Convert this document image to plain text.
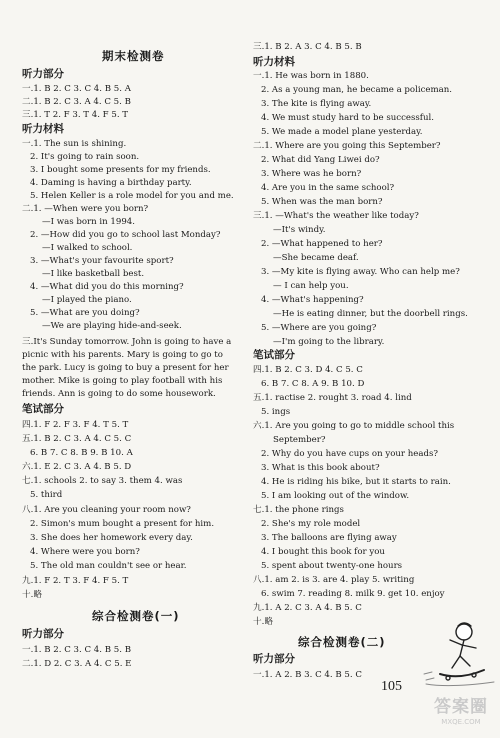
期末检测卷
听力部分
一.1. B 2. C 3. C 4. B 5. A
二.1. B 2. C 3. A 4. C 5. B
三.1. T 2. F 3. T 4. F 5. T
听力材料
一.1. The sun is shining.
2. It's going to rain soon.
3. I bought some presents for my friends.
4. Daming is having a birthday party.
5. Helen Keller is a role model for you and me.
二.1. —When were you born?
—I was born in 1994.
2. —How did you go to school last Monday?
—I walked to school.
3. —What's your favourite sport?
—I like basketball best.
4. —What did you do this morning?
—I played the piano.
5. —What are you doing?
—We are playing hide-and-seek.
三.It's Sunday tomorrow. John is going to have a
picnic with his parents. Mary is going to go to
the park. Lucy is going to buy a present for her
mother. Mike is going to play football with his
friends. Ann is going to do some housework.
笔试部分
四.1. F 2. F 3. F 4. T 5. T
五.1. B 2. C 3. A 4. C 5. C
6. B 7. C 8. B 9. B 10. A
六.1. E 2. C 3. A 4. B 5. D
七.1. schools 2. to say 3. them 4. was
5. third
八.1. Are you cleaning your room now?
2. Simon's mum bought a present for him.
3. She does her homework every day.
4. Where were you born?
5. The old man couldn't see or hear.
九.1. F 2. T 3. F 4. F 5. T
十.略
综合检测卷(一)
听力部分
一.1. B 2. C 3. C 4. B 5. B
二.1. D 2. C 3. A 4. C 5. E
三.1. B 2. A 3. C 4. B 5. B
听力材料
一.1. He was born in 1880.
2. As a young man, he became a policeman.
3. The kite is flying away.
4. We must study hard to be successful.
5. We made a model plane yesterday.
二.1. Where are you going this September?
2. What did Yang Liwei do?
3. Where was he born?
4. Are you in the same school?
5. When was the man born?
三.1. —What's the weather like today?
—It's windy.
2. —What happened to her?
—She became deaf.
3. —My kite is flying away. Who can help me?
— I can help you.
4. —What's happening?
—He is eating dinner, but the doorbell rings.
5. —Where are you going?
—I'm going to the library.
笔试部分
四.1. B 2. C 3. D 4. C 5. C
6. B 7. C 8. A 9. B 10. D
五.1. ractise 2. rought 3. road 4. lind
5. ings
六.1. Are you going to go to middle school this
September?
2. Why do you have cups on your heads?
3. What is this book about?
4. He is riding his bike, but it starts to rain.
5. I am looking out of the window.
七.1. the phone rings
2. She's my role model
3. The balloons are flying away
4. I bought this book for you
5. spent about twenty-one hours
八.1. am 2. is 3. are 4. play 5. writing
6. swim 7. reading 8. milk 9. get 10. enjoy
九.1. A 2. C 3. A 4. B 5. C
十.略
综合检测卷(二)
听力部分
一.1. A 2. B 3. C 4. B 5. C
105
答案圈
MXQE.COM
